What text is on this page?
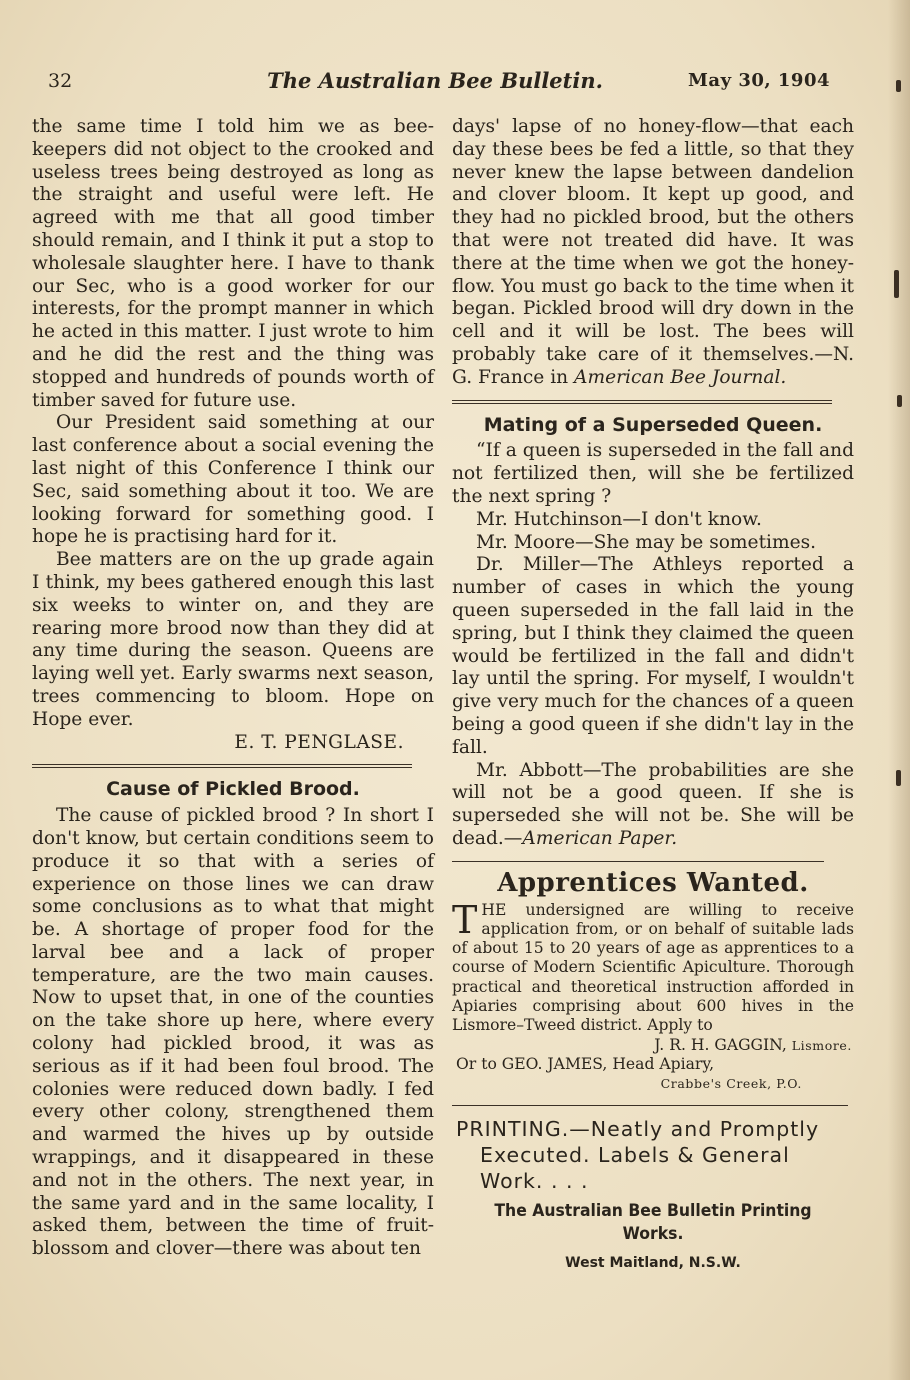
32	The Australian Bee Bulletin.	May 30, 1904

the same time I told him we as bee-keepers did not object to the crooked and useless trees being destroyed as long as the straight and useful were left. He agreed with me that all good timber should remain, and I think it put a stop to wholesale slaughter here. I have to thank our Sec, who is a good worker for our interests, for the prompt manner in which he acted in this matter. I just wrote to him and he did the rest and the thing was stopped and hundreds of pounds worth of timber saved for future use.

Our President said something at our last conference about a social evening the last night of this Conference I think our Sec, said something about it too. We are looking forward for something good. I hope he is practising hard for it.

Bee matters are on the up grade again I think, my bees gathered enough this last six weeks to winter on, and they are rearing more brood now than they did at any time during the season. Queens are laying well yet. Early swarms next season, trees commencing to bloom. Hope on Hope ever.

E. T. PENGLASE.

Cause of Pickled Brood.

The cause of pickled brood ? In short I don't know, but certain conditions seem to produce it so that with a series of experience on those lines we can draw some conclusions as to what that might be. A shortage of proper food for the larval bee and a lack of proper temperature, are the two main causes. Now to upset that, in one of the counties on the take shore up here, where every colony had pickled brood, it was as serious as if it had been foul brood. The colonies were reduced down badly. I fed every other colony, strengthened them and warmed the hives up by outside wrappings, and it disappeared in these and not in the others. The next year, in the same yard and in the same locality, I asked them, between the time of fruit-blossom and clover—there was about ten

days' lapse of no honey-flow—that each day these bees be fed a little, so that they never knew the lapse between dandelion and clover bloom. It kept up good, and they had no pickled brood, but the others that were not treated did have. It was there at the time when we got the honey-flow. You must go back to the time when it began. Pickled brood will dry down in the cell and it will be lost. The bees will probably take care of it themselves.—N. G. France in American Bee Journal.

Mating of a Superseded Queen.

“If a queen is superseded in the fall and not fertilized then, will she be fertilized the next spring ?

Mr. Hutchinson—I don't know.

Mr. Moore—She may be sometimes.

Dr. Miller—The Athleys reported a number of cases in which the young queen superseded in the fall laid in the spring, but I think they claimed the queen would be fertilized in the fall and didn't lay until the spring. For myself, I wouldn't give very much for the chances of a queen being a good queen if she didn't lay in the fall.

Mr. Abbott—The probabilities are she will not be a good queen. If she is superseded she will not be. She will be dead.—American Paper.

Apprentices Wanted.
THE undersigned are willing to receive application from, or on behalf of suitable lads of about 15 to 20 years of age as apprentices to a course of Modern Scientific Apiculture. Thorough practical and theoretical instruction afforded in Apiaries comprising about 600 hives in the Lismore–Tweed district. Apply to
J. R. H. GAGGIN, Lismore.
Or to GEO. JAMES, Head Apiary,
Crabbe's Creek, P.O.
PRINTING.—Neatly and Promptly
Executed. Labels & General
Work. . . .
The Australian Bee Bulletin Printing Works.
West Maitland, N.S.W.
